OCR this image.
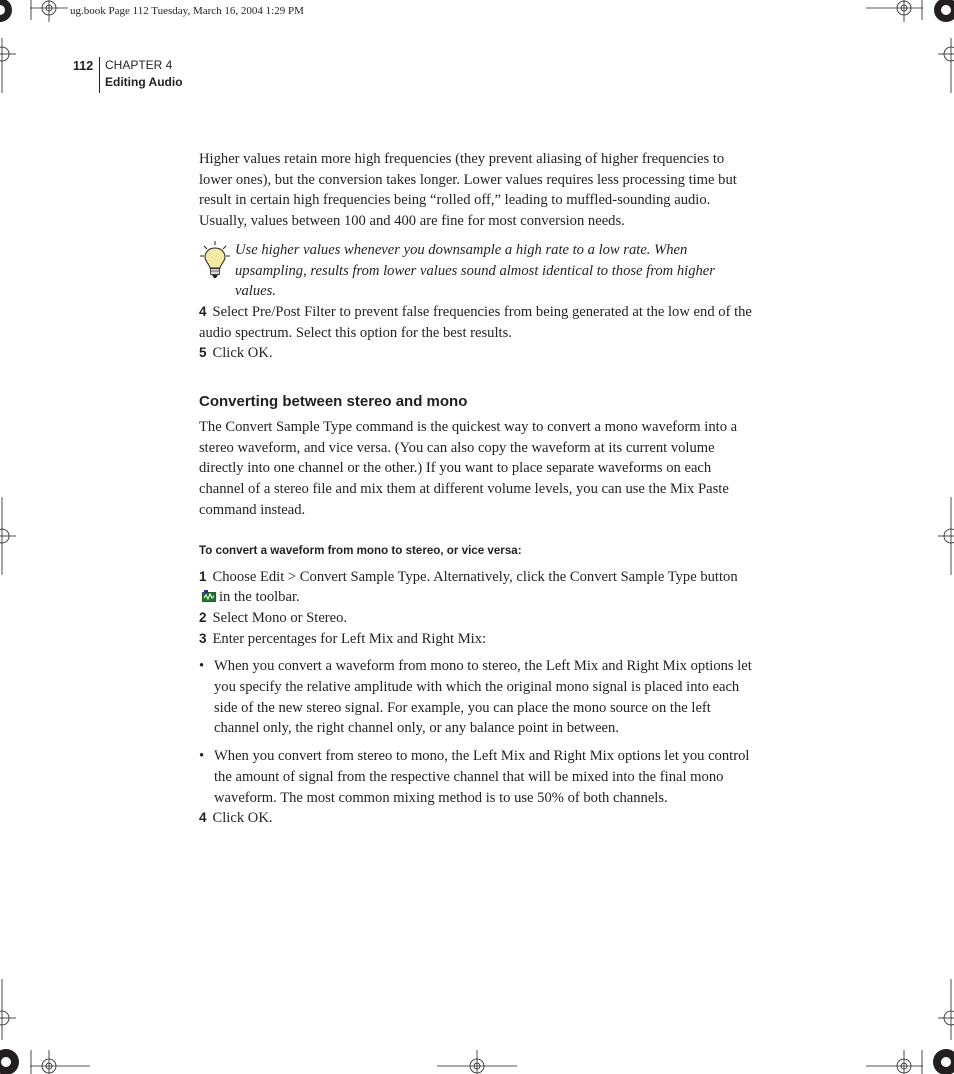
ug.book Page 112 Tuesday, March 16, 2004 1:29 PM
112 CHAPTER 4
Editing Audio

Higher values retain more high frequencies (they prevent aliasing of higher frequencies to lower ones), but the conversion takes longer. Lower values requires less processing time but result in certain high frequencies being “rolled off,” leading to muffled-sounding audio. Usually, values between 100 and 400 are fine for most conversion needs.

Use higher values whenever you downsample a high rate to a low rate. When upsampling, results from lower values sound almost identical to those from higher values.

4 Select Pre/Post Filter to prevent false frequencies from being generated at the low end of the audio spectrum. Select this option for the best results.

5 Click OK.

Converting between stereo and mono

The Convert Sample Type command is the quickest way to convert a mono waveform into a stereo waveform, and vice versa. (You can also copy the waveform at its current volume directly into one channel or the other.) If you want to place separate waveforms on each channel of a stereo file and mix them at different volume levels, you can use the Mix Paste command instead.

To convert a waveform from mono to stereo, or vice versa:

1 Choose Edit > Convert Sample Type. Alternatively, click the Convert Sample Type button in the toolbar.

2 Select Mono or Stereo.

3 Enter percentages for Left Mix and Right Mix:

• When you convert a waveform from mono to stereo, the Left Mix and Right Mix options let you specify the relative amplitude with which the original mono signal is placed into each side of the new stereo signal. For example, you can place the mono source on the left channel only, the right channel only, or any balance point in between.
• When you convert from stereo to mono, the Left Mix and Right Mix options let you control the amount of signal from the respective channel that will be mixed into the final mono waveform. The most common mixing method is to use 50% of both channels.

4 Click OK.
